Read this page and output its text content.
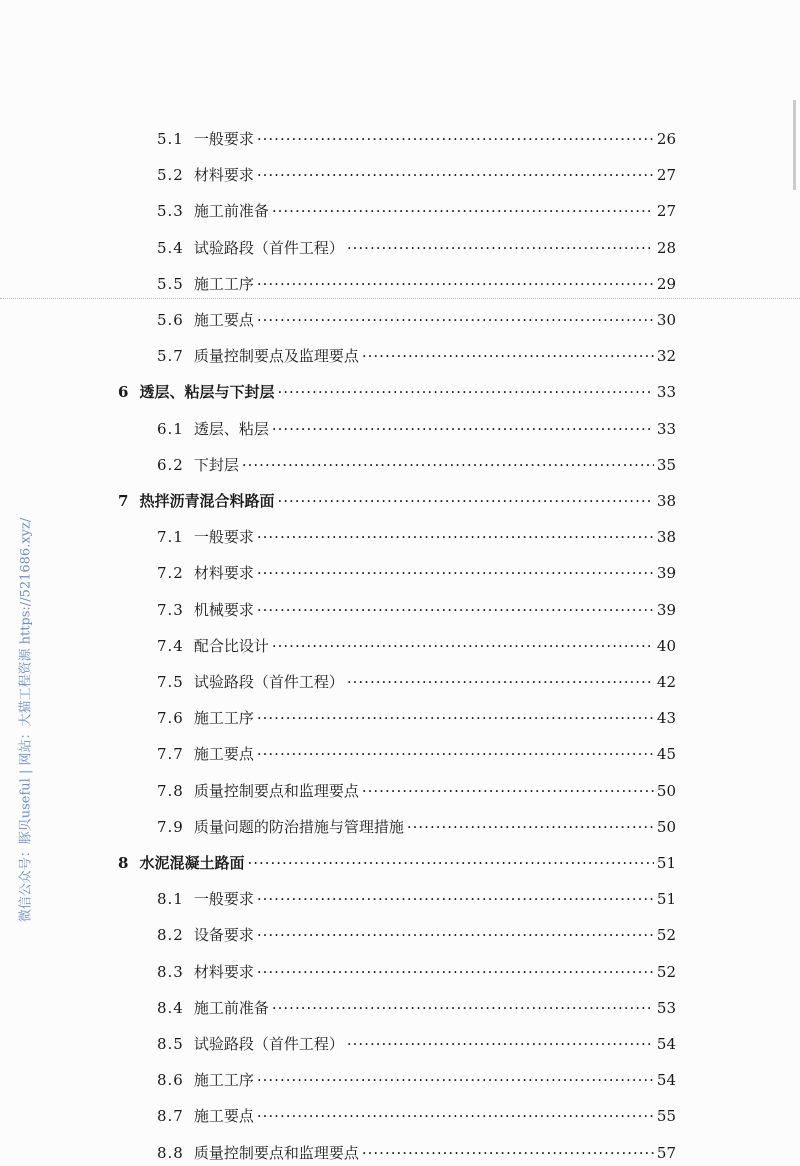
5.1 一般要求 ·····	26
5.2 材料要求 ·····	27
5.3 施工前准备 ·····	27
5.4 试验路段（首件工程） ·····	28
5.5 施工工序 ·····	29
5.6 施工要点 ·····	30
5.7 质量控制要点及监理要点 ·····	32
6 透层、粘层与下封层 ·····	33
6.1 透层、粘层 ·····	33
6.2 下封层 ·····	35
7 热拌沥青混合料路面 ·····	38
7.1 一般要求 ·····	38
7.2 材料要求 ·····	39
7.3 机械要求 ·····	39
7.4 配合比设计 ·····	40
7.5 试验路段（首件工程） ·····	42
7.6 施工工序 ·····	43
7.7 施工要点 ·····	45
7.8 质量控制要点和监理要点 ·····	50
7.9 质量问题的防治措施与管理措施 ·····	50
8 水泥混凝土路面 ·····	51
8.1 一般要求 ·····	51
8.2 设备要求 ·····	52
8.3 材料要求 ·····	52
8.4 施工前准备 ·····	53
8.5 试验路段（首件工程） ·····	54
8.6 施工工序 ·····	54
8.7 施工要点 ·····	55
8.8 质量控制要点和监理要点 ·····	57
微信公众号：豚贝useful | 网站：大猫工程资源 https://521686.xyz/
